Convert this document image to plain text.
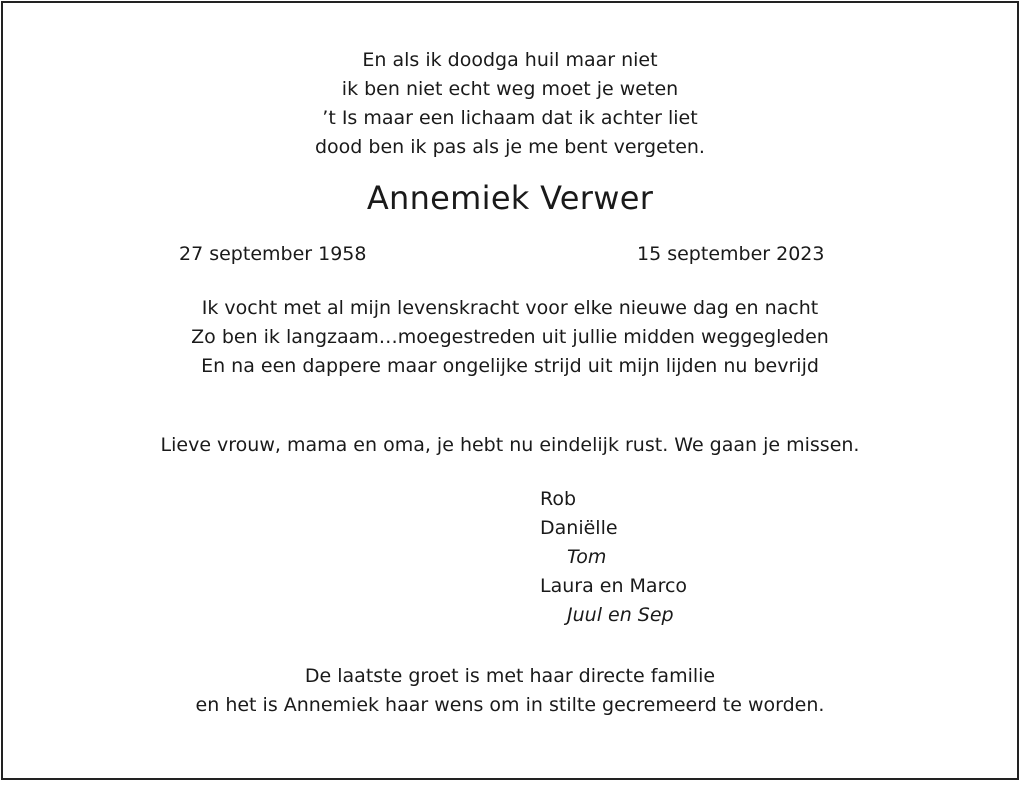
En als ik doodga huil maar niet
ik ben niet echt weg moet je weten
’t Is maar een lichaam dat ik achter liet
dood ben ik pas als je me bent vergeten.
Annemiek Verwer
27 september 1958	15 september 2023
Ik vocht met al mijn levenskracht voor elke nieuwe dag en nacht
Zo ben ik langzaam…moegestreden uit jullie midden weggegleden
En na een dappere maar ongelijke strijd uit mijn lijden nu bevrijd
Lieve vrouw, mama en oma, je hebt nu eindelijk rust. We gaan je missen.
Rob
Daniëlle
Tom
Laura en Marco
Juul en Sep
De laatste groet is met haar directe familie
en het is Annemiek haar wens om in stilte gecremeerd te worden.
